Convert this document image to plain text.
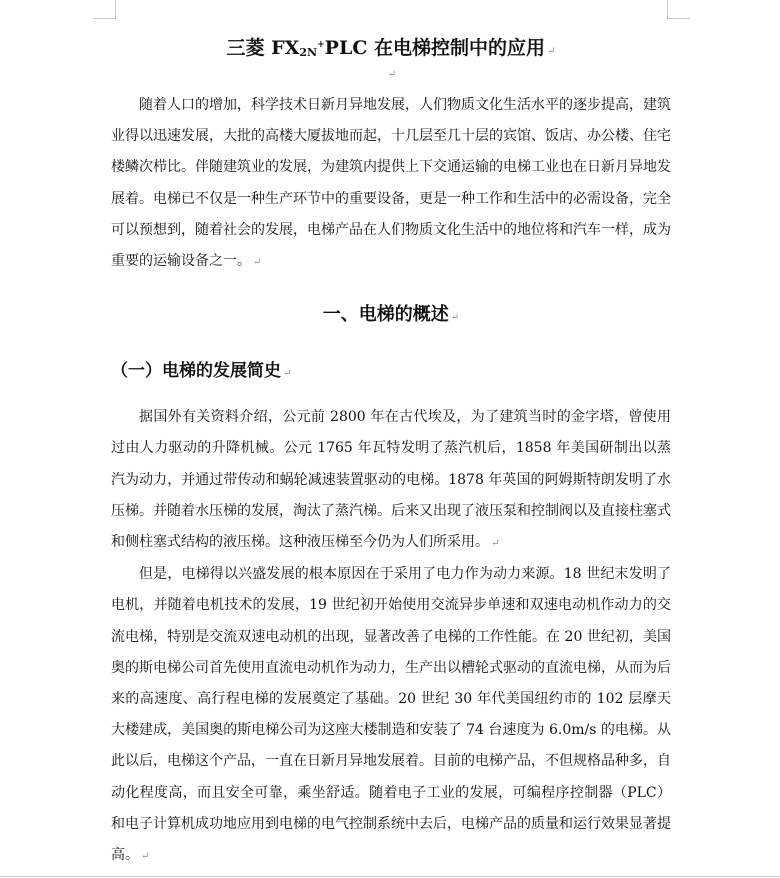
三菱 $FX_{2N}^+PLC$ 在电梯控制中的应用 ↵
↵

随着人口的增加，科学技术日新月异地发展，人们物质文化生活水平的逐步提高，建筑业得以迅速发展，大批的高楼大厦拔地而起，十几层至几十层的宾馆、饭店、办公楼、住宅楼鳞次栉比。伴随建筑业的发展，为建筑内提供上下交通运输的电梯工业也在日新月异地发展着。电梯已不仅是一种生产环节中的重要设备，更是一种工作和生活中的必需设备，完全可以预想到，随着社会的发展，电梯产品在人们物质文化生活中的地位将和汽车一样，成为重要的运输设备之一。 ↵

一、电梯的概述 ↵
（一）电梯的发展简史 ↵

据国外有关资料介绍，公元前 2800 年在古代埃及，为了建筑当时的金字塔，曾使用过由人力驱动的升降机械。公元 1765 年瓦特发明了蒸汽机后，1858 年美国研制出以蒸汽为动力，并通过带传动和蜗轮减速装置驱动的电梯。1878 年英国的阿姆斯特朗发明了水压梯。并随着水压梯的发展，淘汰了蒸汽梯。后来又出现了液压泵和控制阀以及直接柱塞式和侧柱塞式结构的液压梯。这种液压梯至今仍为人们所采用。 ↵

但是，电梯得以兴盛发展的根本原因在于采用了电力作为动力来源。18 世纪末发明了电机，并随着电机技术的发展，19 世纪初开始使用交流异步单速和双速电动机作动力的交流电梯，特别是交流双速电动机的出现，显著改善了电梯的工作性能。在 20 世纪初，美国奥的斯电梯公司首先使用直流电动机作为动力，生产出以槽轮式驱动的直流电梯，从而为后来的高速度、高行程电梯的发展奠定了基础。20 世纪 30 年代美国纽约市的 102 层摩天大楼建成，美国奥的斯电梯公司为这座大楼制造和安装了 74 台速度为 6.0m/s 的电梯。从此以后，电梯这个产品，一直在日新月异地发展着。目前的电梯产品，不但规格品种多，自动化程度高，而且安全可靠，乘坐舒适。随着电子工业的发展，可编程序控制器（PLC）和电子计算机成功地应用到电梯的电气控制系统中去后，电梯产品的质量和运行效果显著提高。 ↵
